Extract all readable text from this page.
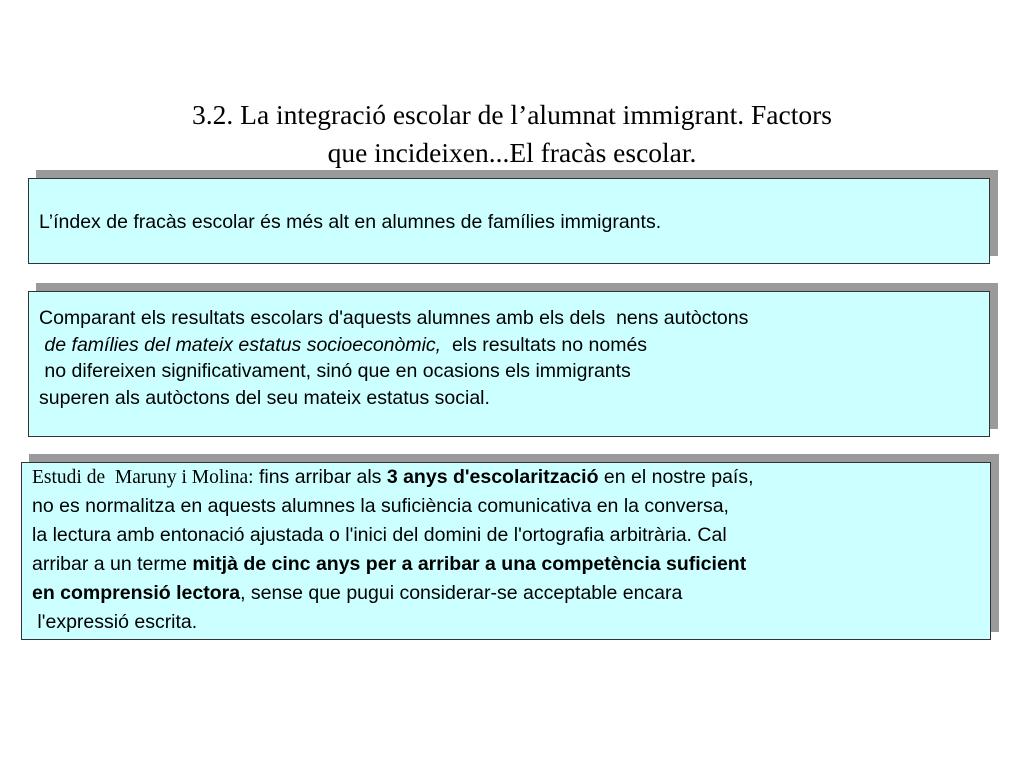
3.2. La integració escolar de l’alumnat immigrant. Factors
que incideixen...El fracàs escolar.
L’índex de fracàs escolar és més alt en alumnes de famílies immigrants.
Comparant els resultats escolars d'aquests alumnes amb els dels  nens autòctons
de famílies del mateix estatus socioeconòmic,  els resultats no només
no difereixen significativament, sinó que en ocasions els immigrants
superen als autòctons del seu mateix estatus social.
Estudi de  Maruny i Molina: fins arribar als 3 anys d'escolarització en el nostre país,
no es normalitza en aquests alumnes la suficiència comunicativa en la conversa,
la lectura amb entonació ajustada o l'inici del domini de l'ortografia arbitrària. Cal
arribar a un terme mitjà de cinc anys per a arribar a una competència suficient
en comprensió lectora, sense que pugui considerar-se acceptable encara
l'expressió escrita.
